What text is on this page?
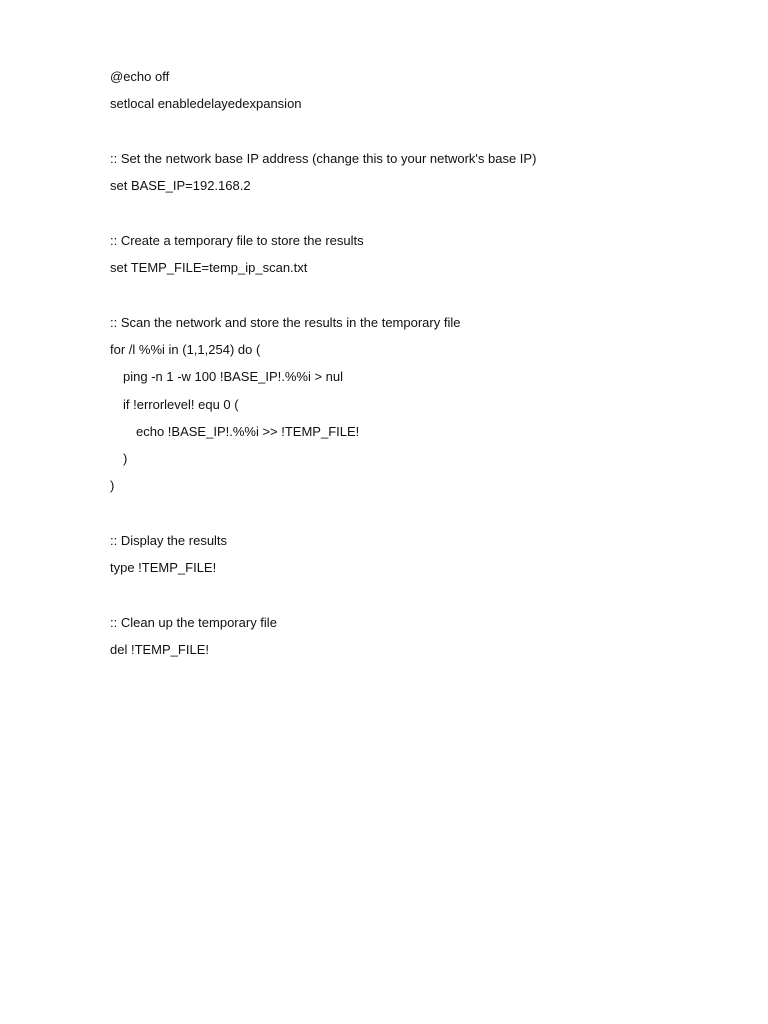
@echo off

setlocal enabledelayedexpansion

:: Set the network base IP address (change this to your network's base IP)

set BASE_IP=192.168.2

:: Create a temporary file to store the results

set TEMP_FILE=temp_ip_scan.txt

:: Scan the network and store the results in the temporary file

for /l %%i in (1,1,254) do (

ping -n 1 -w 100 !BASE_IP!.%%i > nul

if !errorlevel! equ 0 (

echo !BASE_IP!.%%i >> !TEMP_FILE!

)

)

:: Display the results

type !TEMP_FILE!

:: Clean up the temporary file

del !TEMP_FILE!
